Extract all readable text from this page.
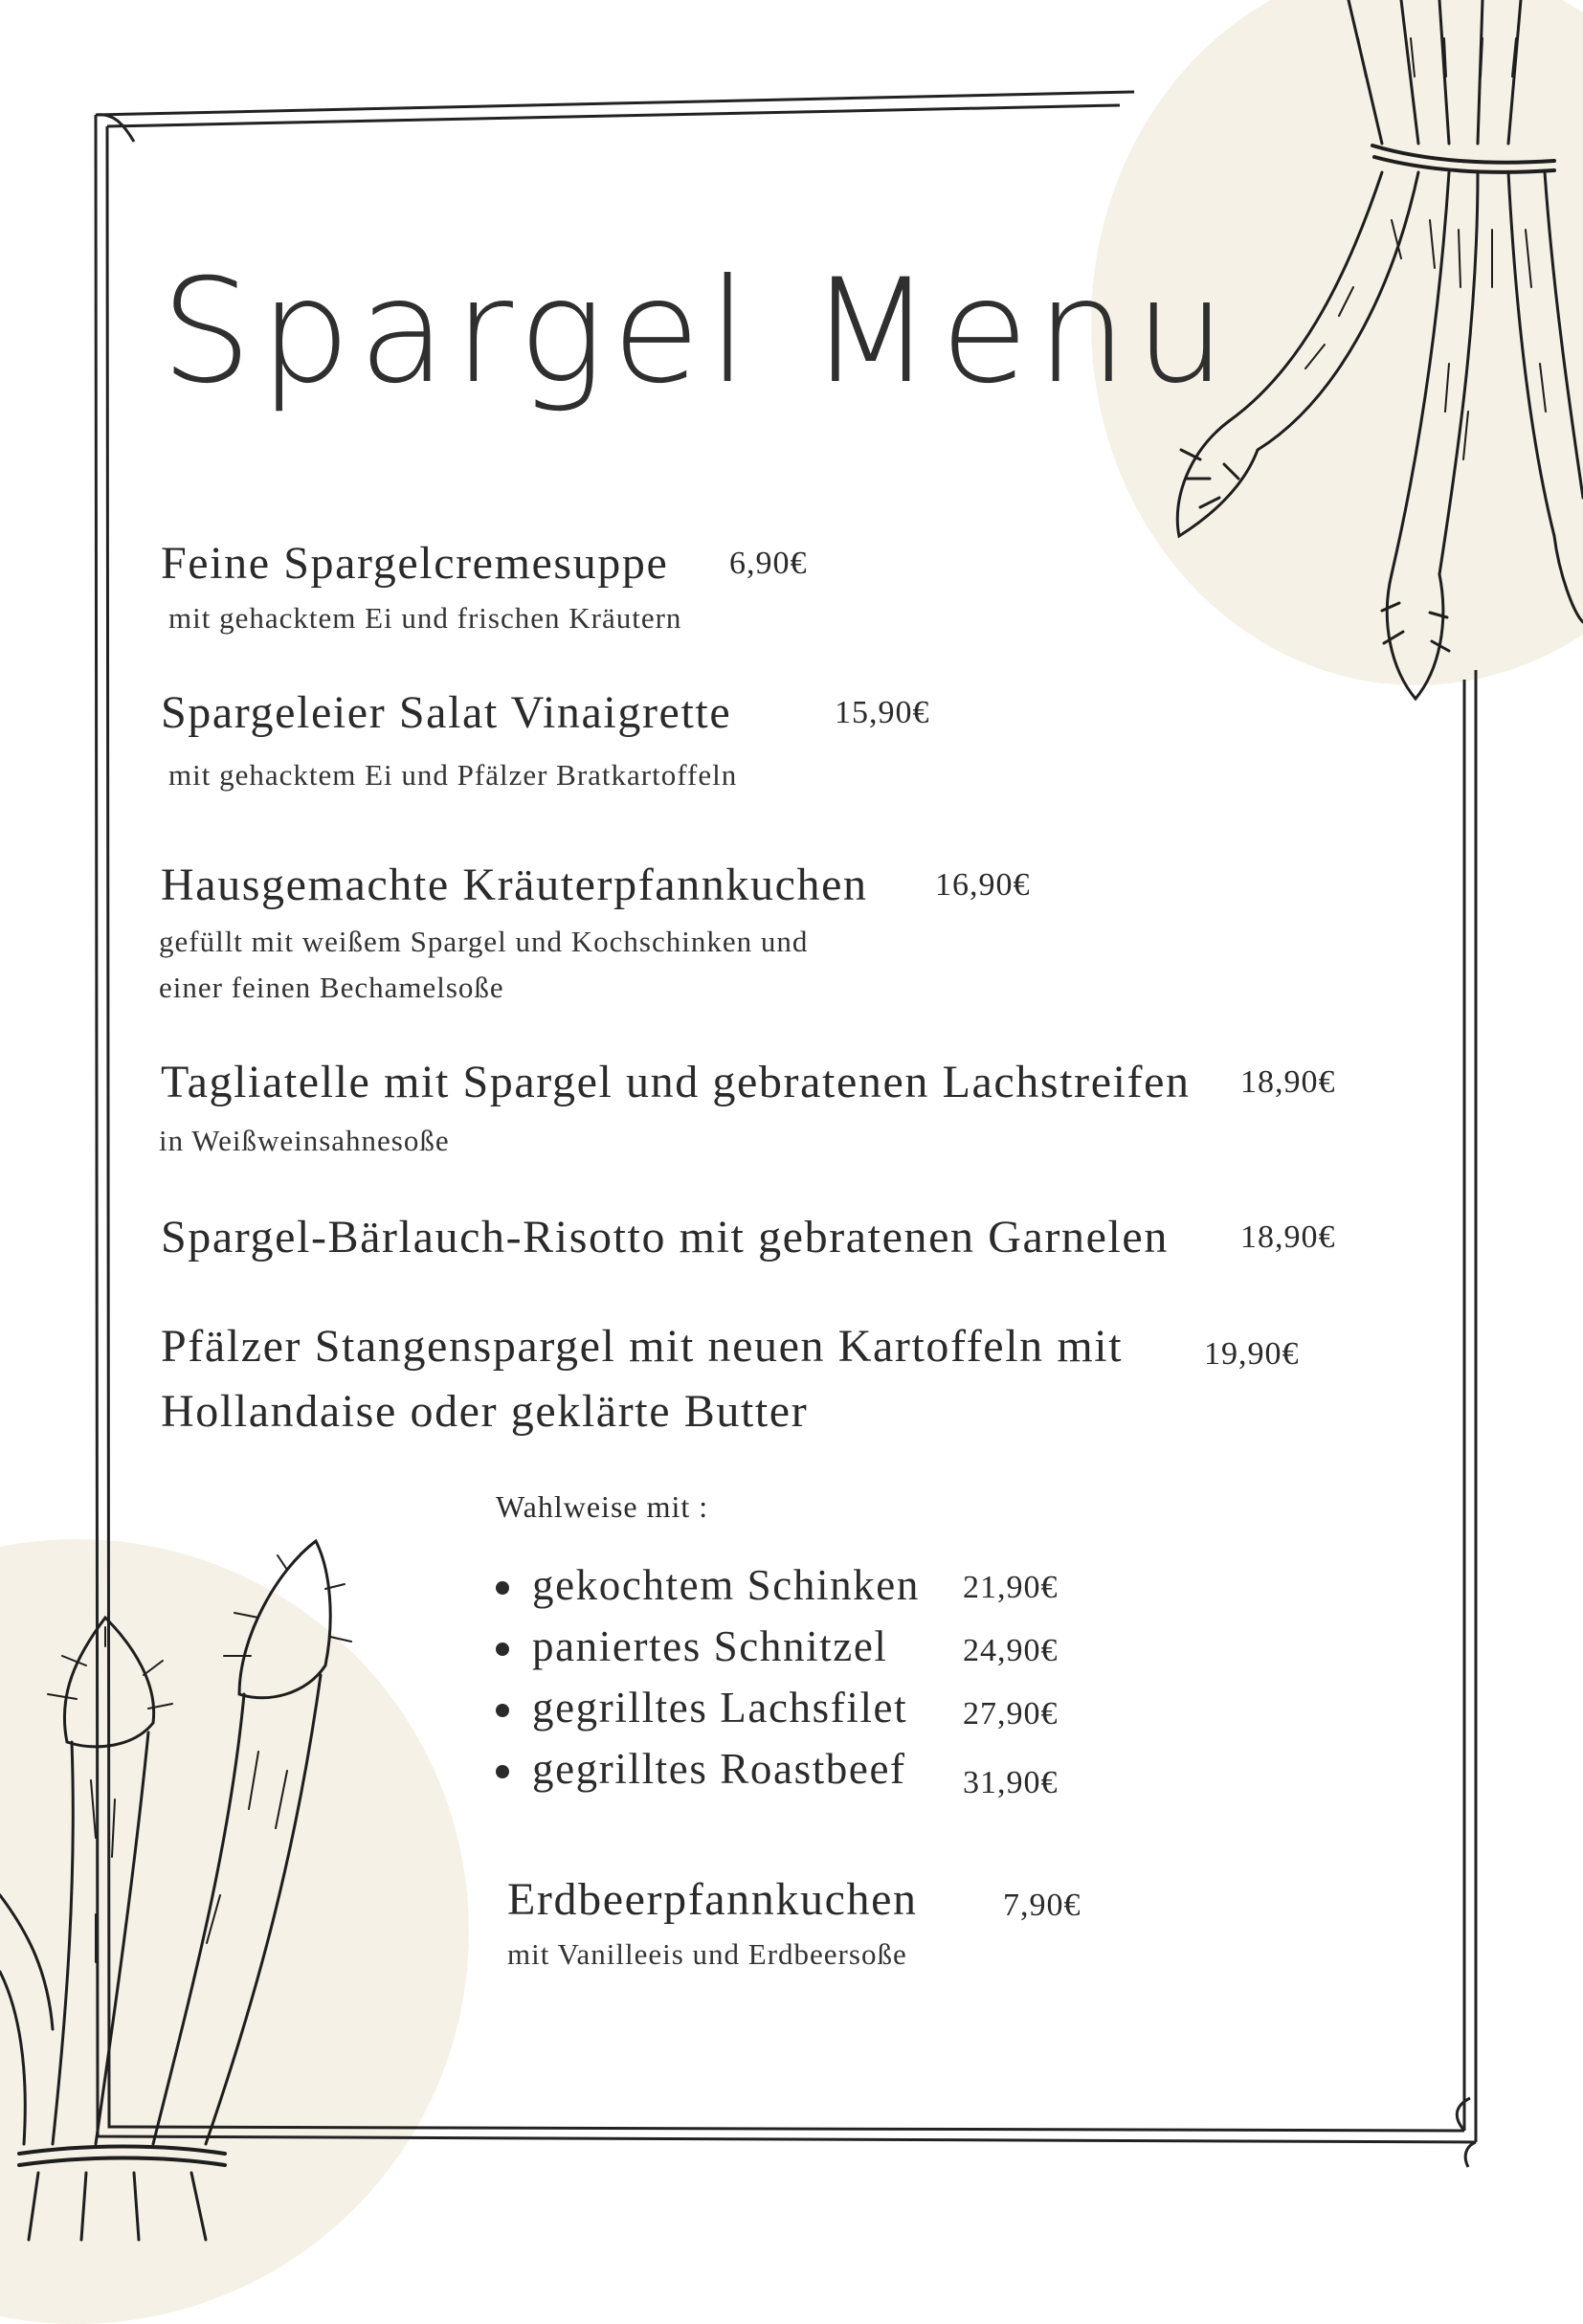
Spargel Menu
Feine Spargelcremesuppe 6,90€
mit gehacktem Ei und frischen Kräutern
Spargeleier Salat Vinaigrette	15,90€
mit gehacktem Ei und Pfälzer Bratkartoffeln
Hausgemachte Kräuterpfannkuchen 16,90€
gefüllt mit weißem Spargel und Kochschinken und
einer feinen Bechamelsoße
Tagliatelle mit Spargel und gebratenen Lachstreifen 18,90€
in Weißweinsahnesoße
Spargel-Bärlauch-Risotto mit gebratenen Garnelen 18,90€
Pfälzer Stangenspargel mit neuen Kartoffeln mit
Hollandaise oder geklärte Butter
19,90€
Wahlweise mit :
gekochtem Schinken 21,90€
paniertes Schnitzel 24,90€
gegrilltes Lachsfilet 27,90€
gegrilltes Roastbeef 31,90€
Erdbeerpfannkuchen	7,90€
mit Vanilleeis und Erdbeersoße
